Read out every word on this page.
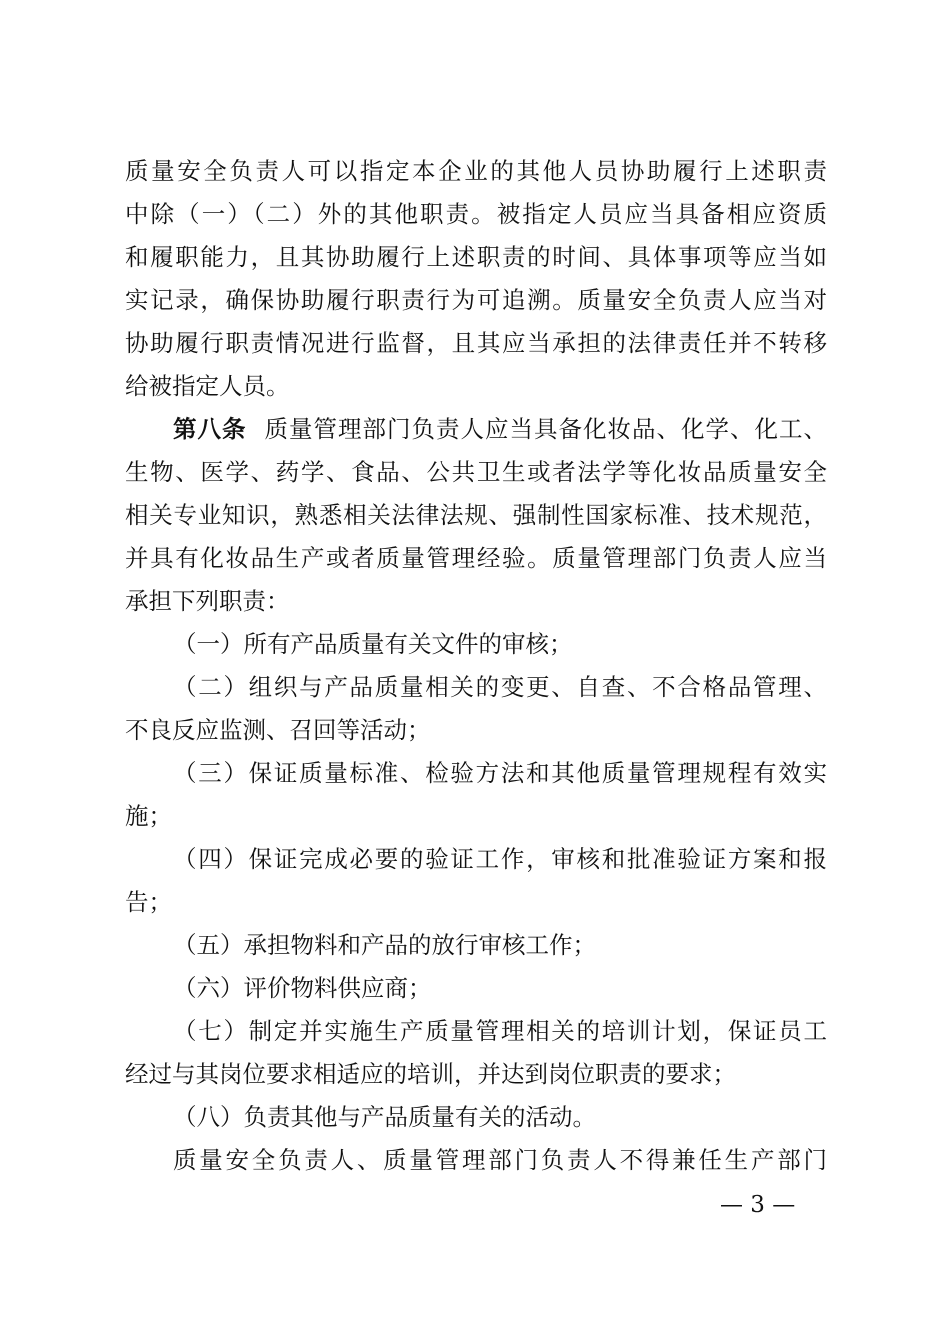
质量安全负责人可以指定本企业的其他人员协助履行上述职责
中除（一）（二）外的其他职责。被指定人员应当具备相应资质
和履职能力，且其协助履行上述职责的时间、具体事项等应当如
实记录，确保协助履行职责行为可追溯。质量安全负责人应当对
协助履行职责情况进行监督，且其应当承担的法律责任并不转移
给被指定人员。
第八条 质量管理部门负责人应当具备化妆品、化学、化工、
生物、医学、药学、食品、公共卫生或者法学等化妆品质量安全
相关专业知识，熟悉相关法律法规、强制性国家标准、技术规范，
并具有化妆品生产或者质量管理经验。质量管理部门负责人应当
承担下列职责：
（一）所有产品质量有关文件的审核；
（二）组织与产品质量相关的变更、自查、不合格品管理、
不良反应监测、召回等活动；
（三）保证质量标准、检验方法和其他质量管理规程有效实
施；
（四）保证完成必要的验证工作，审核和批准验证方案和报
告；
（五）承担物料和产品的放行审核工作；
（六）评价物料供应商；
（七）制定并实施生产质量管理相关的培训计划，保证员工
经过与其岗位要求相适应的培训，并达到岗位职责的要求；
（八）负责其他与产品质量有关的活动。
质量安全负责人、质量管理部门负责人不得兼任生产部门
— 3 —
